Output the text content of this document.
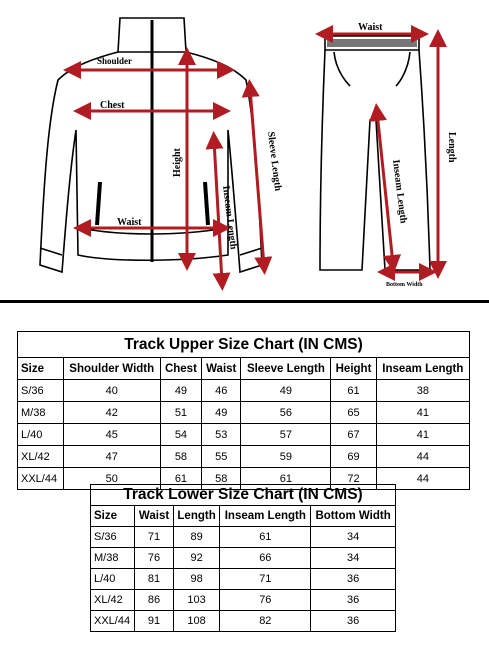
Shoulder
Chest
Waist
Height	Sleeve Length
Inseam Length
Waist
Length
Inseam Length
Bottom Width
Track Upper Size Chart (IN CMS)						
Size	Shoulder Width	Chest	Waist	Sleeve Length	Height	Inseam Length
S/36	40	49	46	49	61	38
M/38	42	51	49	56	65	41
L/40	45	54	53	57	67	41
XL/42	47	58	55	59	69	44
XXL/44	50	61	58	61	72	44
Track Lower Size Chart (IN CMS)				
Size	Waist	Length	Inseam Length	Bottom Width
S/36	71	89	61	34
M/38	76	92	66	34
L/40	81	98	71	36
XL/42	86	103	76	36
XXL/44	91	108	82	36
